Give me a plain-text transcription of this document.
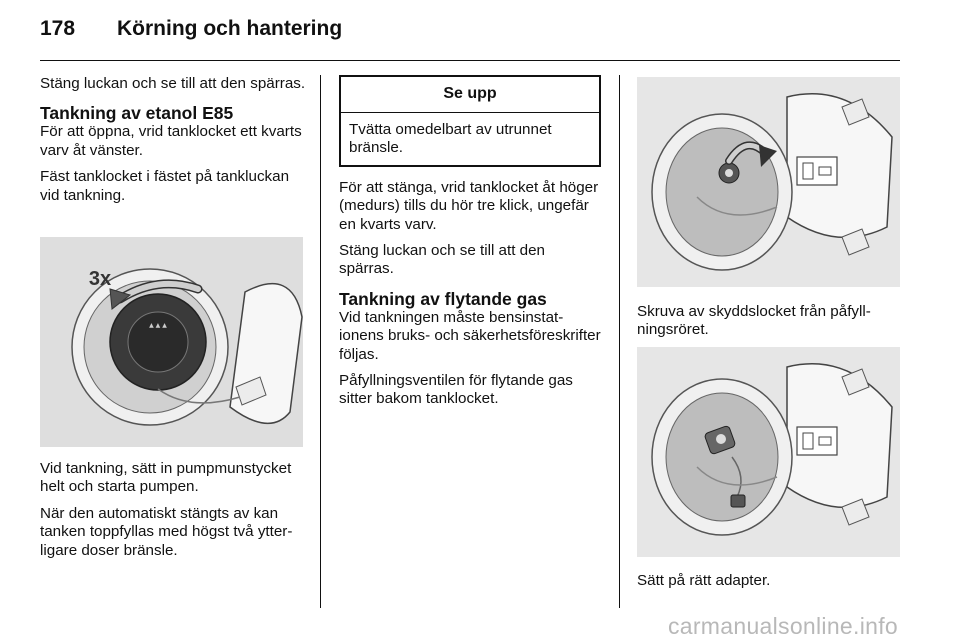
178 Körning och hantering

Stäng luckan och se till att den spärras.

Tankning av etanol E85

För att öppna, vrid tanklocket ett kvarts varv åt vänster.

Fäst tanklocket i fästet på tankluckan vid tankning.

▲ ▲ ▲
3x

Vid tankning, sätt in pumpmunstycket helt och starta pumpen.

När den automatiskt stängts av kan tanken toppfyllas med högst två ytterligare doser bränsle.

Se upp
Tvätta omedelbart av utrunnet bränsle.

För att stänga, vrid tanklocket åt höger (medurs) tills du hör tre klick, ungefär en kvarts varv.

Stäng luckan och se till att den spärras.

Tankning av flytande gas

Vid tankningen måste bensinstationens bruks- och säkerhetsföreskrifter följas.

Påfyllningsventilen för flytande gas sitter bakom tanklocket.

Skruva av skyddslocket från påfyllningsröret.

Sätt på rätt adapter.

carmanualsonline.info
